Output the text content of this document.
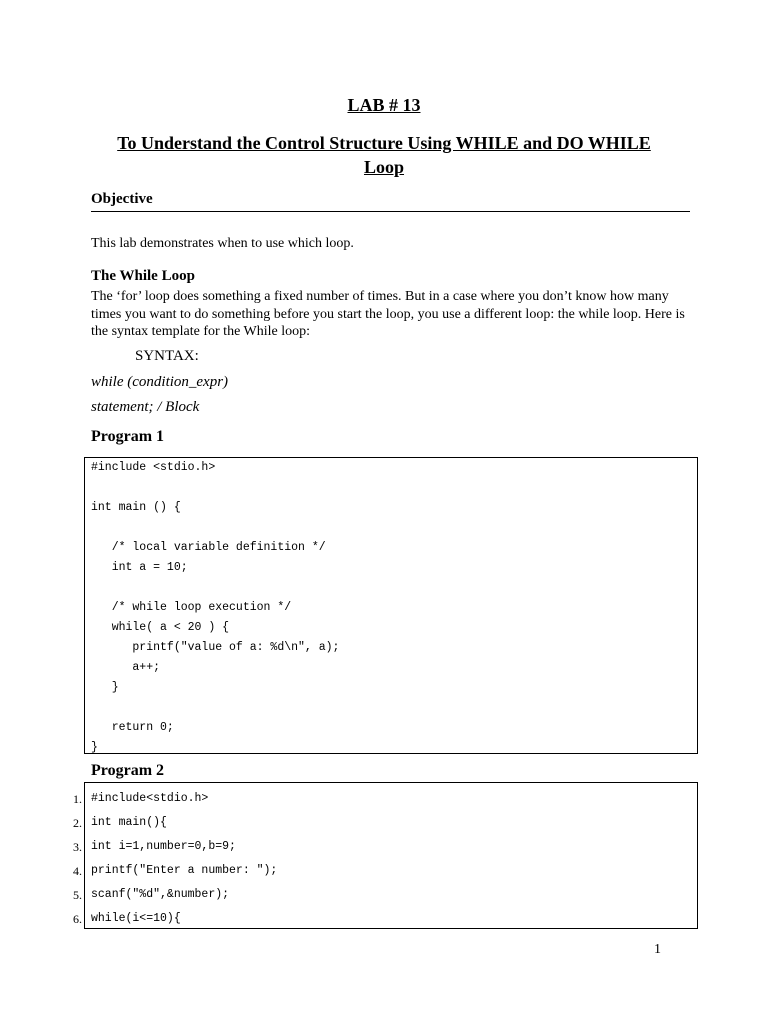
LAB # 13
To Understand the Control Structure Using WHILE and DO WHILE Loop
Objective
This lab demonstrates when to use which loop.
The While Loop
The ‘for’ loop does something a fixed number of times. But in a case where you don’t know how many times you want to do something before you start the loop, you use a different loop: the while loop. Here is the syntax template for the While loop:
SYNTAX:
while (condition_expr)
statement; / Block
Program 1
#include <stdio.h>

int main () {

/* local variable definition */
int a = 10;

/* while loop execution */
while( a < 20 ) {
printf("value of a: %d\n", a);
a++;
}

return 0;
}
Program 2
1.
2.
3.
4.
5.
6.
#include<stdio.h>
int main(){
int i=1,number=0,b=9;
printf("Enter a number: ");
scanf("%d",&number);
while(i<=10){
1
